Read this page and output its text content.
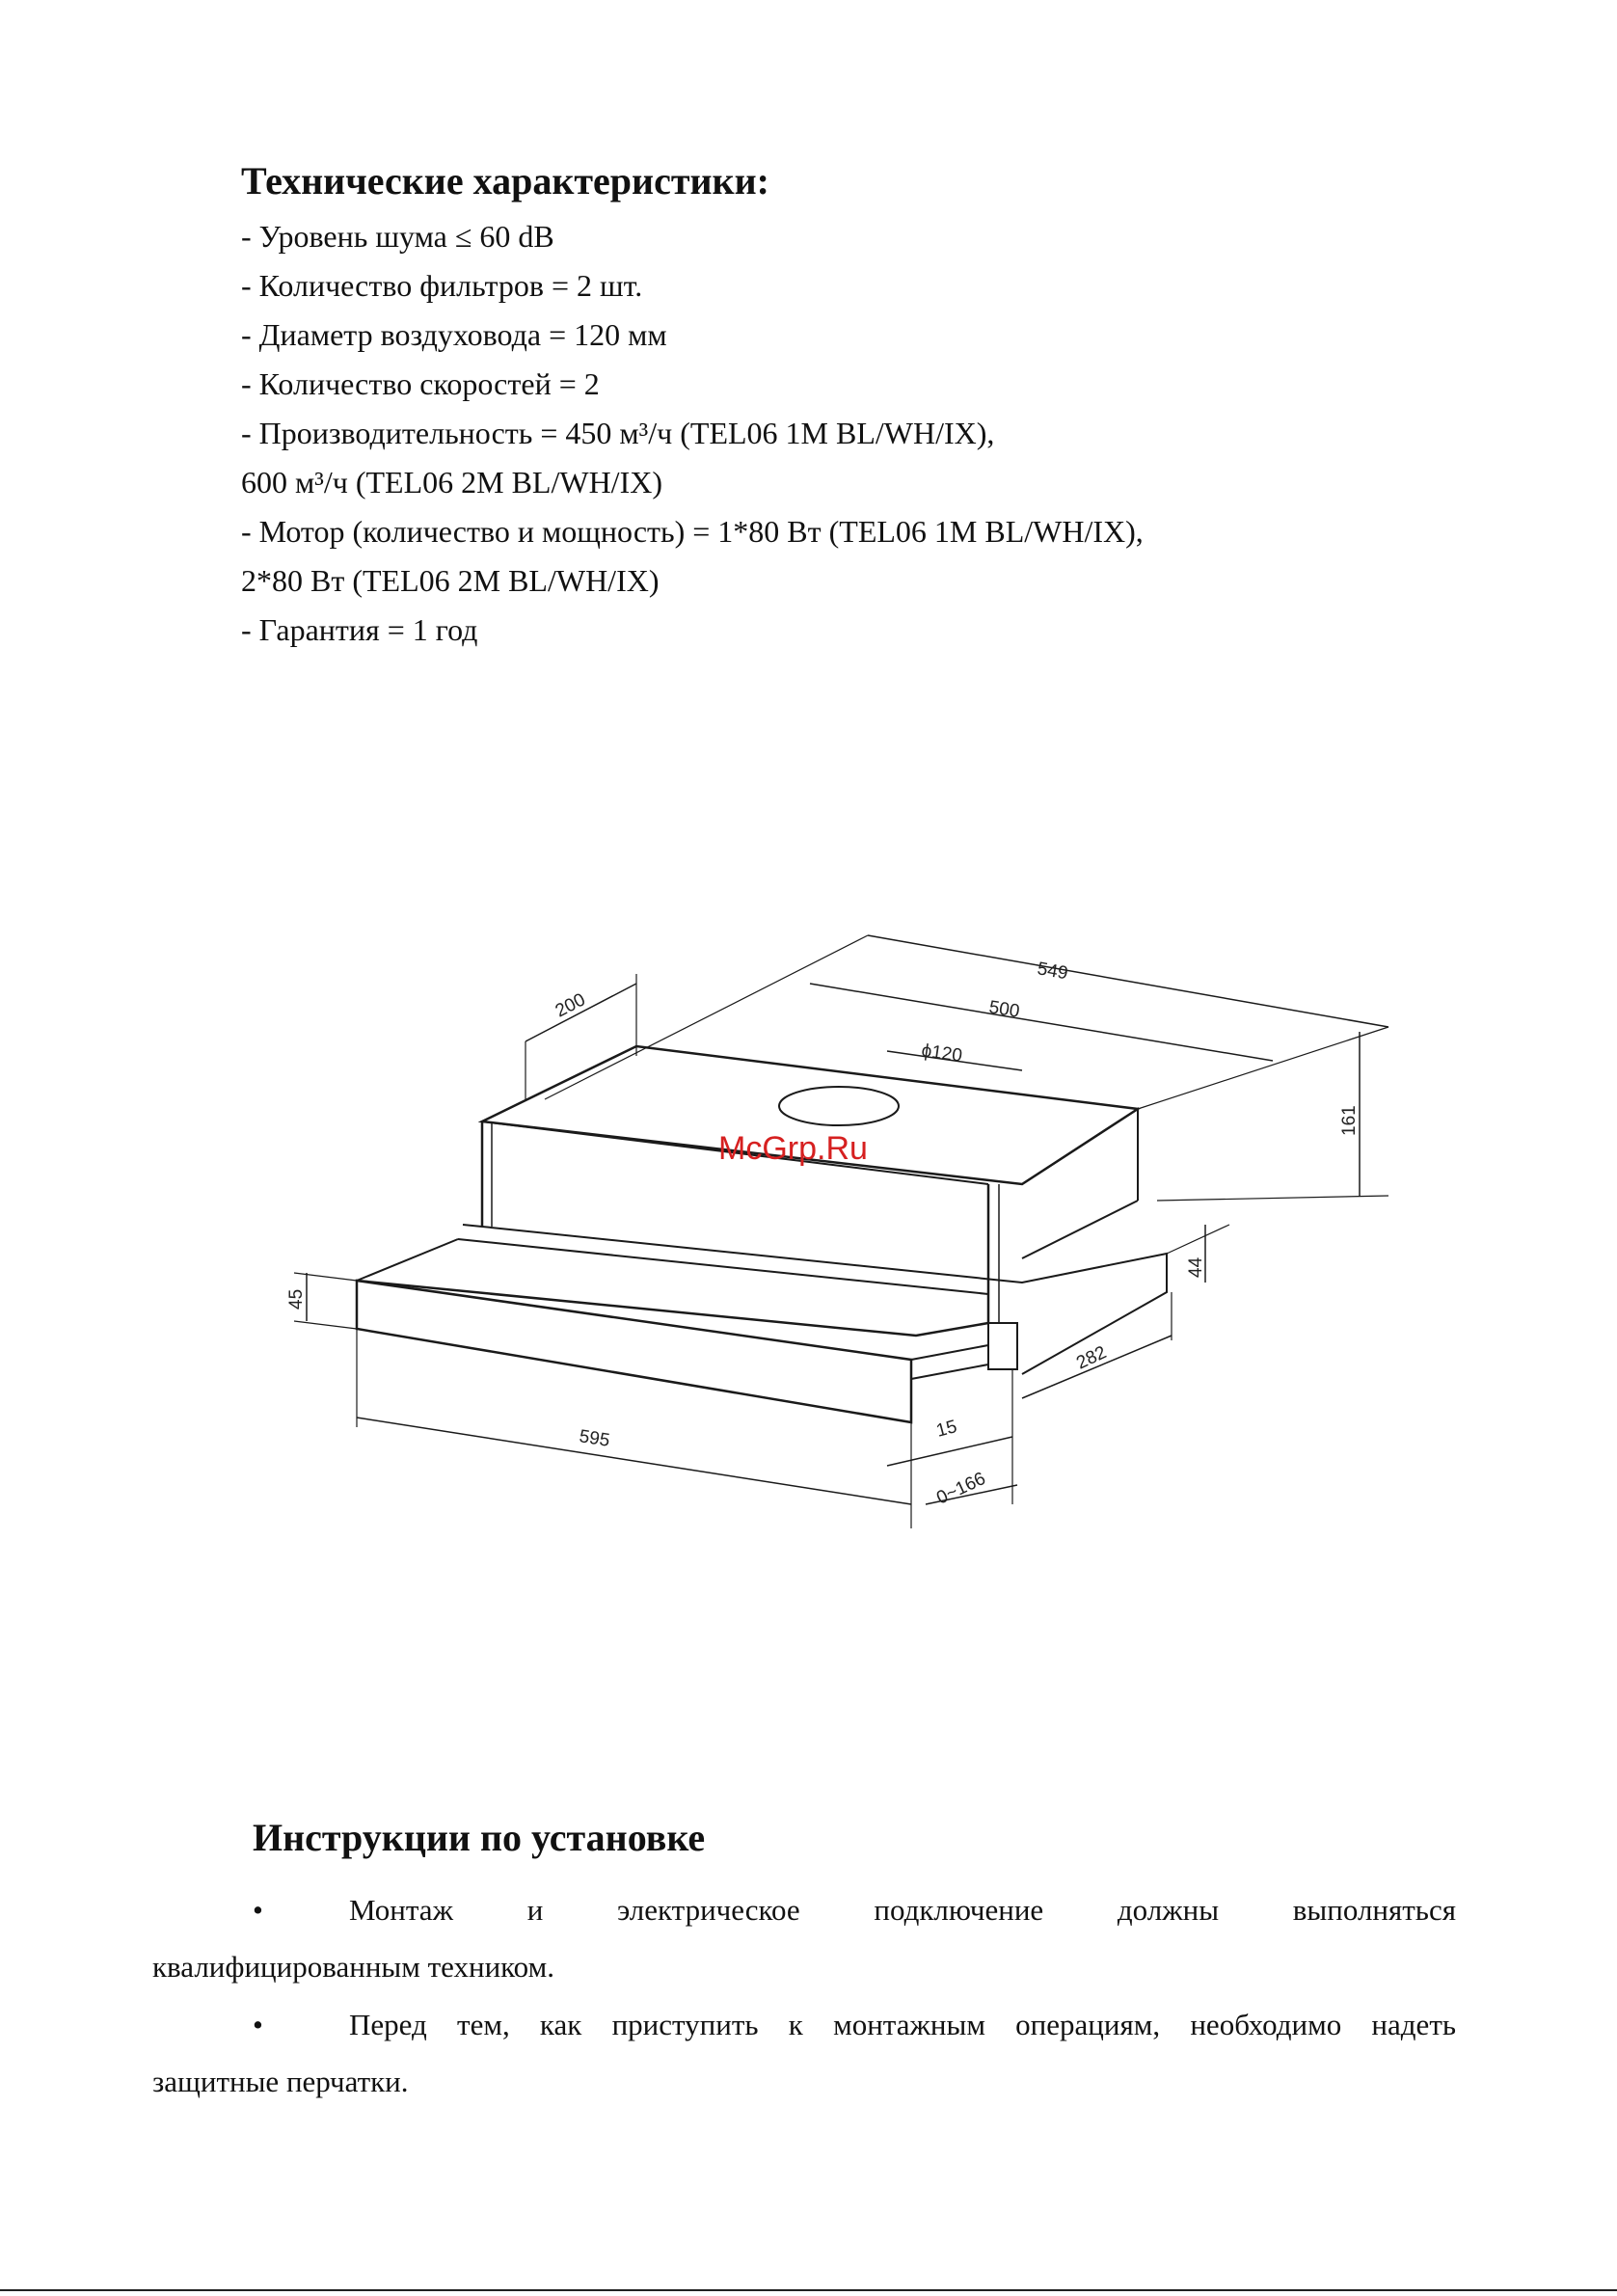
Технические характеристики:
- Уровень шума ≤ 60 dB
- Количество фильтров = 2 шт.
- Диаметр воздуховода = 120 мм
- Количество скоростей = 2
- Производительность = 450 м³/ч (TEL06 1M BL/WH/IX),
600 м³/ч (TEL06 2M BL/WH/IX)
- Мотор (количество и мощность) = 1*80 Вт (TEL06 1M BL/WH/IX),
2*80 Вт (TEL06 2M BL/WH/IX)
- Гарантия = 1 год
549
500
200
ϕ120
161
44
45
282
595	15
0~166
McGrp.Ru
Инструкции по установке
•	Монтаж и электрическое подключение должны выполняться
квалифицированным техником.
•	Перед тем, как приступить к монтажным операциям, необходимо надеть
защитные перчатки.
